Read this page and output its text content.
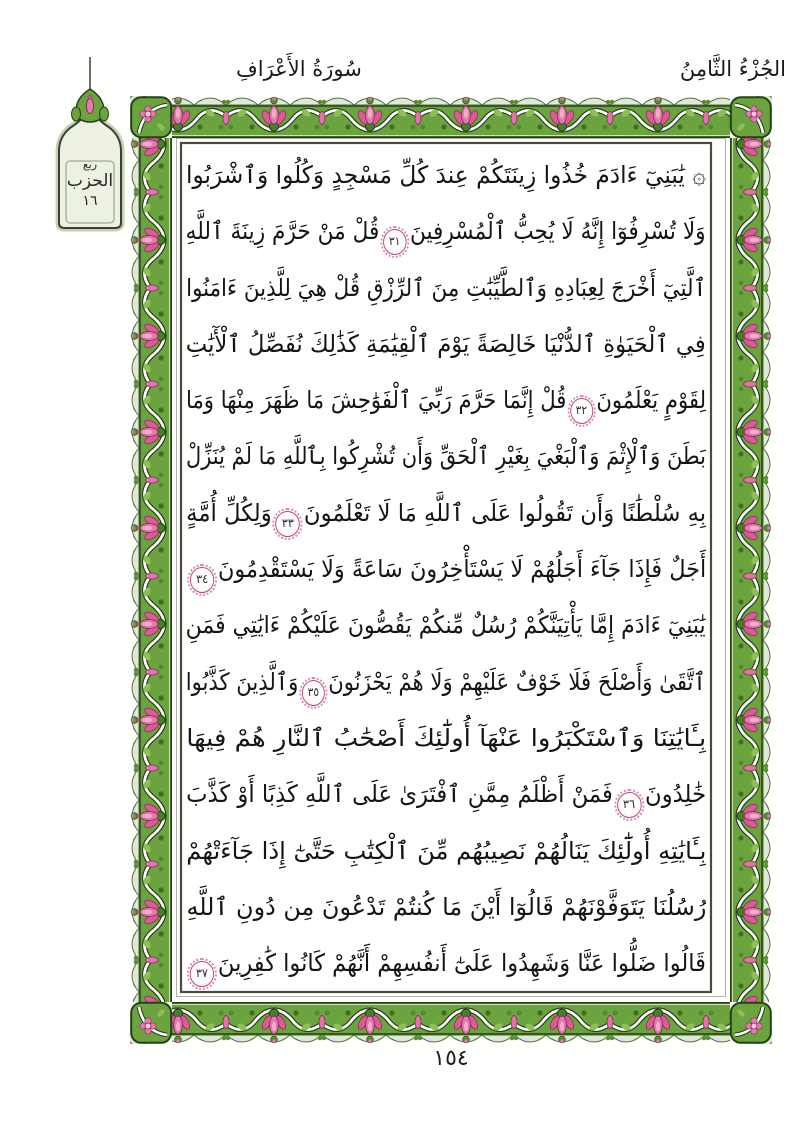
الجُزْءُ الثَّامِنُ
سُورَةُ الأَعْرَافِ
ربع
الحزب
١٦
۞ يَٰبَنِيٓ ءَادَمَ خُذُوا زِينَتَكُمْ عِندَ كُلِّ مَسْجِدٍ وَكُلُوا وَٱشْرَبُوا
وَلَا تُسْرِفُوٓا إِنَّهُ لَا يُحِبُّ ٱلْمُسْرِفِينَ٣١قُلْ مَنْ حَرَّمَ زِينَةَ ٱللَّهِ
ٱلَّتِيٓ أَخْرَجَ لِعِبَادِهِ وَٱلطَّيِّبَٰتِ مِنَ ٱلرِّزْقِ قُلْ هِيَ لِلَّذِينَ ءَامَنُوا
فِي ٱلْحَيَوٰةِ ٱلدُّنْيَا خَالِصَةً يَوْمَ ٱلْقِيَٰمَةِ كَذَٰلِكَ نُفَصِّلُ ٱلْأٓيَٰتِ
لِقَوْمٍ يَعْلَمُونَ٣٢قُلْ إِنَّمَا حَرَّمَ رَبِّيَ ٱلْفَوَٰحِشَ مَا ظَهَرَ مِنْهَا وَمَا
بَطَنَ وَٱلْإِثْمَ وَٱلْبَغْيَ بِغَيْرِ ٱلْحَقِّ وَأَن تُشْرِكُوا بِٱللَّهِ مَا لَمْ يُنَزِّلْ
بِهِ سُلْطَٰنًا وَأَن تَقُولُوا عَلَى ٱللَّهِ مَا لَا تَعْلَمُونَ٣٣وَلِكُلِّ أُمَّةٍ
أَجَلٌ فَإِذَا جَآءَ أَجَلُهُمْ لَا يَسْتَأْخِرُونَ سَاعَةً وَلَا يَسْتَقْدِمُونَ٣٤
يَٰبَنِيٓ ءَادَمَ إِمَّا يَأْتِيَنَّكُمْ رُسُلٌ مِّنكُمْ يَقُصُّونَ عَلَيْكُمْ ءَايَٰتِي فَمَنِ
ٱتَّقَىٰ وَأَصْلَحَ فَلَا خَوْفٌ عَلَيْهِمْ وَلَا هُمْ يَحْزَنُونَ٣٥وَٱلَّذِينَ كَذَّبُوا
بِـَٔايَٰتِنَا وَٱسْتَكْبَرُوا عَنْهَآ أُولَٰٓئِكَ أَصْحَٰبُ ٱلنَّارِ هُمْ فِيهَا
خَٰلِدُونَ٣٦فَمَنْ أَظْلَمُ مِمَّنِ ٱفْتَرَىٰ عَلَى ٱللَّهِ كَذِبًا أَوْ كَذَّبَ
بِـَٔايَٰتِهِ أُولَٰٓئِكَ يَنَالُهُمْ نَصِيبُهُم مِّنَ ٱلْكِتَٰبِ حَتَّىٰٓ إِذَا جَآءَتْهُمْ
رُسُلُنَا يَتَوَفَّوْنَهُمْ قَالُوٓا أَيْنَ مَا كُنتُمْ تَدْعُونَ مِن دُونِ ٱللَّهِ
قَالُوا ضَلُّوا عَنَّا وَشَهِدُوا عَلَىٰٓ أَنفُسِهِمْ أَنَّهُمْ كَانُوا كَٰفِرِينَ٣٧
١٥٤
